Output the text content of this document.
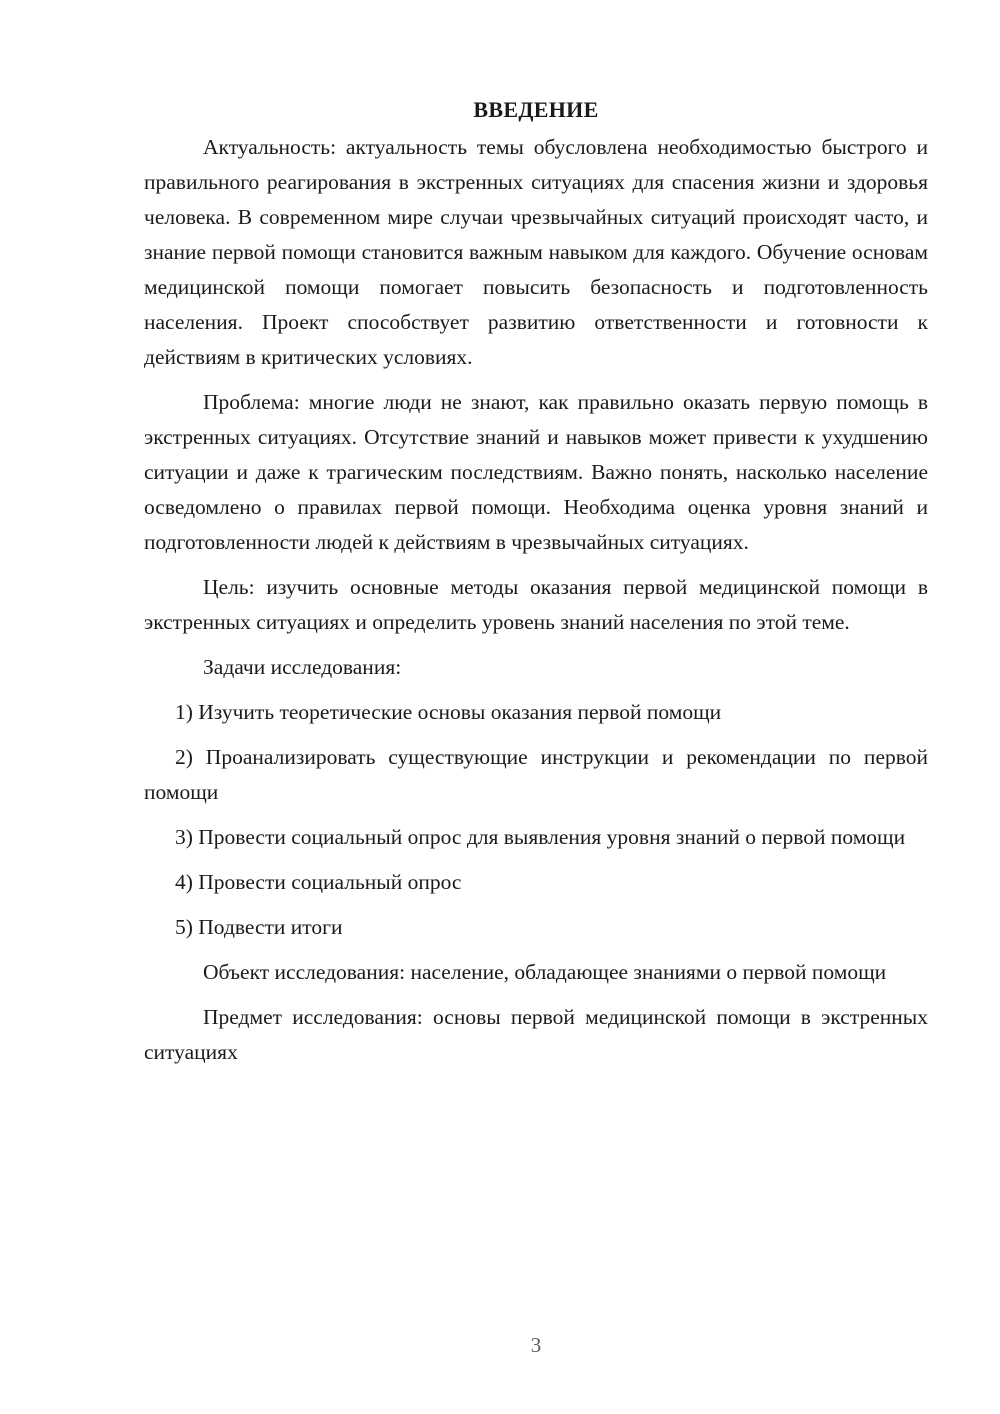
ВВЕДЕНИЕ

Актуальность: актуальность темы обусловлена необходимостью быстрого и правильного реагирования в экстренных ситуациях для спасения жизни и здоровья человека. В современном мире случаи чрезвычайных ситуаций происходят часто, и знание первой помощи становится важным навыком для каждого. Обучение основам медицинской помощи помогает повысить безопасность и подготовленность населения. Проект способствует развитию ответственности и готовности к действиям в критических условиях.

Проблема: многие люди не знают, как правильно оказать первую помощь в экстренных ситуациях. Отсутствие знаний и навыков может привести к ухудшению ситуации и даже к трагическим последствиям. Важно понять, насколько население осведомлено о правилах первой помощи. Необходима оценка уровня знаний и подготовленности людей к действиям в чрезвычайных ситуациях.

Цель: изучить основные методы оказания первой медицинской помощи в экстренных ситуациях и определить уровень знаний населения по этой теме.

Задачи исследования:

1) Изучить теоретические основы оказания первой помощи

2) Проанализировать существующие инструкции и рекомендации по первой помощи

3) Провести социальный опрос для выявления уровня знаний о первой помощи

4) Провести социальный опрос

5) Подвести итоги

Объект исследования: население, обладающее знаниями о первой помощи

Предмет исследования: основы первой медицинской помощи в экстренных ситуациях

3
